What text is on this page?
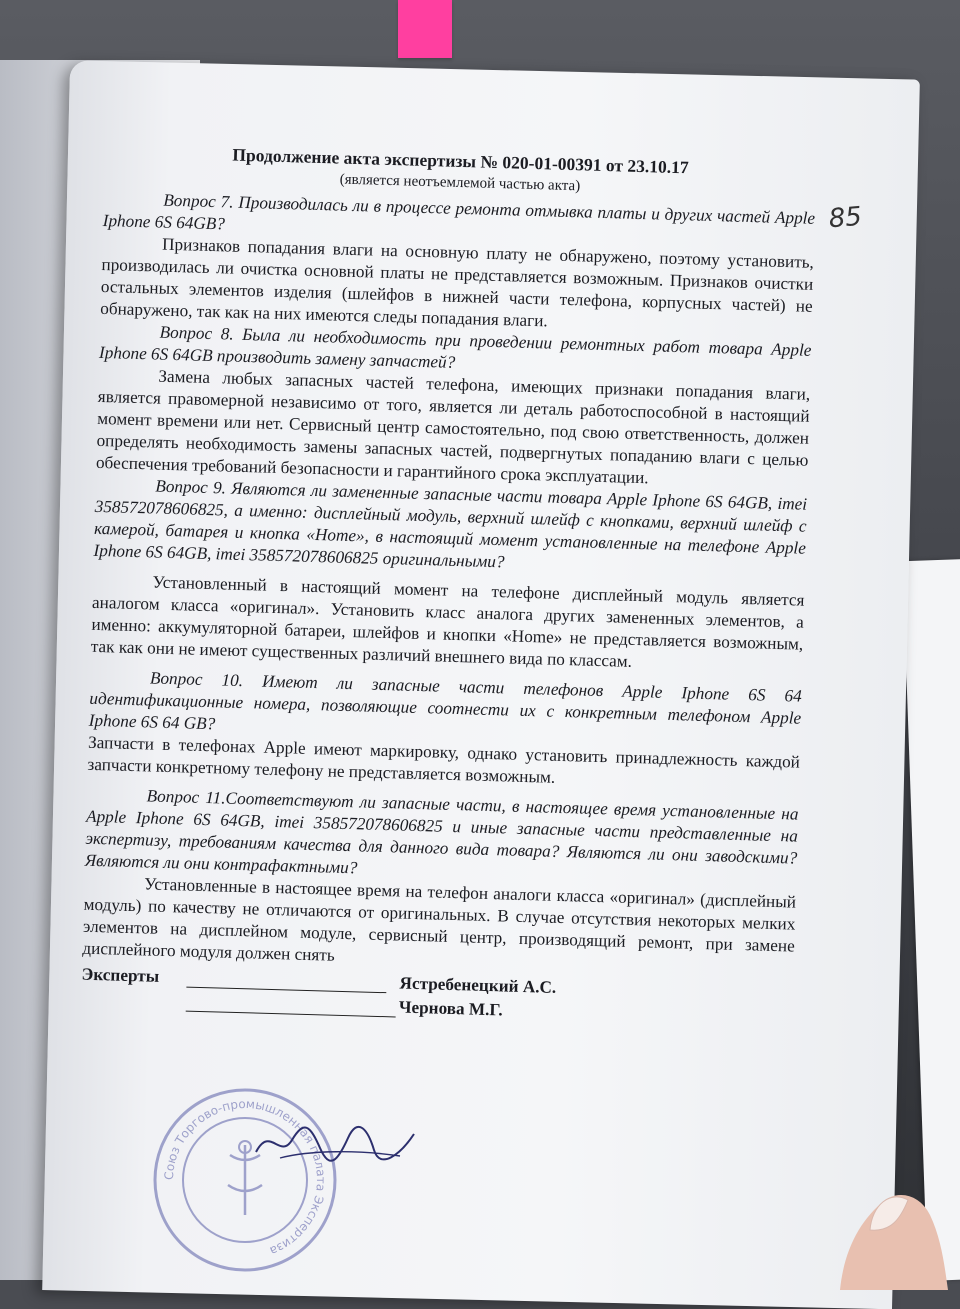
85
Продолжение акта экспертизы № 020-01-00391 от 23.10.17
(является неотъемлемой частью акта)

Вопрос 7. Производилась ли в процессе ремонта отмывка платы и других частей Apple Iphone 6S 64GB?

Признаков попадания влаги на основную плату не обнаружено, поэтому установить, производилась ли очистка основной платы не представляется возможным. Признаков очистки остальных элементов изделия (шлейфов в нижней части телефона, корпусных частей) не обнаружено, так как на них имеются следы попадания влаги.

Вопрос 8. Была ли необходимость при проведении ремонтных работ товара Apple Iphone 6S 64GB производить замену запчастей?

Замена любых запасных частей телефона, имеющих признаки попадания влаги, является правомерной независимо от того, является ли деталь работоспособной в настоящий момент времени или нет. Сервисный центр самостоятельно, под свою ответственность, должен определять необходимость замены запасных частей, подвергнутых попаданию влаги с целью обеспечения требований безопасности и гарантийного срока эксплуатации.

Вопрос 9. Являются ли замененные запасные части товара Apple Iphone 6S 64GB, imei 358572078606825, а именно: дисплейный модуль, верхний шлейф с кнопками, верхний шлейф с камерой, батарея и кнопка «Home», в настоящий момент установленные на телефоне Apple Iphone 6S 64GB, imei 358572078606825 оригинальными?

Установленный в настоящий момент на телефоне дисплейный модуль является аналогом класса «оригинал». Установить класс аналога других замененных элементов, а именно: аккумуляторной батареи, шлейфов и кнопки «Home» не представляется возможным, так как они не имеют существенных различий внешнего вида по классам.

Вопрос 10. Имеют ли запасные части телефонов Apple Iphone 6S 64 идентификационные номера, позволяющие соотнести их с конкретным телефоном Apple Iphone 6S 64 GB?

Запчасти в телефонах Apple имеют маркировку, однако установить принадлежность каждой запчасти конкретному телефону не представляется возможным.

Вопрос 11.Соответствуют ли запасные части, в настоящее время установленные на Apple Iphone 6S 64GB, imei 358572078606825 и иные запасные части представленные на экспертизу, требованиям качества для данного вида товара? Являются ли они заводскими? Являются ли они контрафактными?

Установленные в настоящее время на телефон аналоги класса «оригинал» (дисплейный модуль) по качеству не отличаются от оригинальных. В случае отсутствия некоторых мелких элементов на дисплейном модуле, сервисный центр, производящий ремонт, при замене дисплейного модуля должен снять

Эксперты	Ястребенецкий А.С.
Чернова М.Г.
Союз Торгово-промышленная палата Экспертиза
